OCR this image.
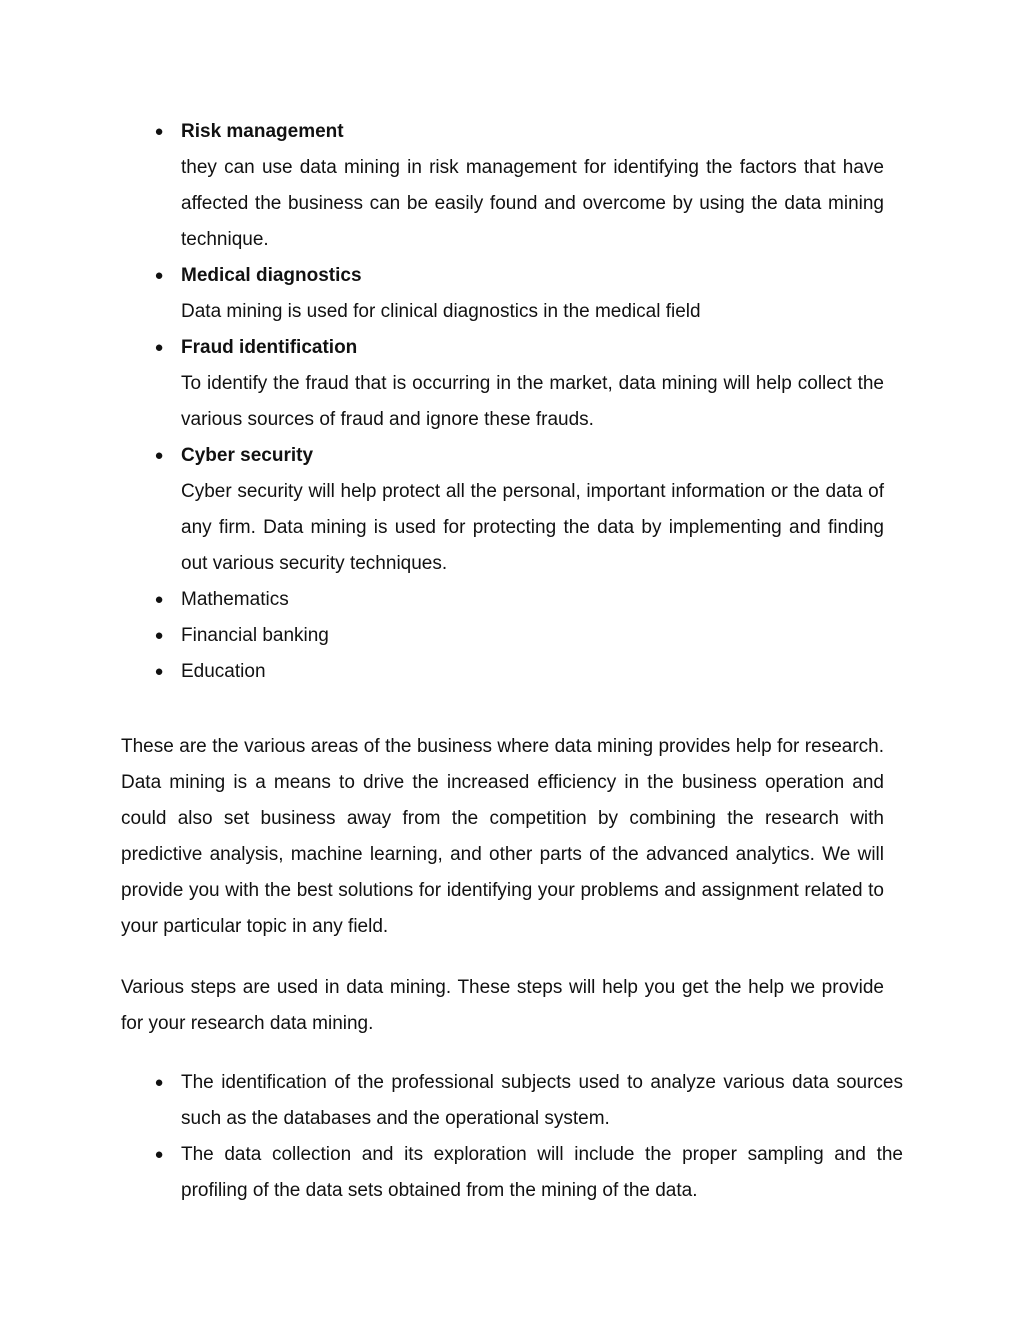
● Risk management
they can use data mining in risk management for identifying the factors that have affected the business can be easily found and overcome by using the data mining technique.
● Medical diagnostics
Data mining is used for clinical diagnostics in the medical field
● Fraud identification
To identify the fraud that is occurring in the market, data mining will help collect the various sources of fraud and ignore these frauds.
● Cyber security
Cyber security will help protect all the personal, important information or the data of any firm. Data mining is used for protecting the data by implementing and finding out various security techniques.
● Mathematics
● Financial banking
● Education

These are the various areas of the business where data mining provides help for research. Data mining is a means to drive the increased efficiency in the business operation and could also set business away from the competition by combining the research with predictive analysis, machine learning, and other parts of the advanced analytics. We will provide you with the best solutions for identifying your problems and assignment related to your particular topic in any field.

Various steps are used in data mining. These steps will help you get the help we provide for your research data mining.

● The identification of the professional subjects used to analyze various data sources such as the databases and the operational system.
● The data collection and its exploration will include the proper sampling and the profiling of the data sets obtained from the mining of the data.
